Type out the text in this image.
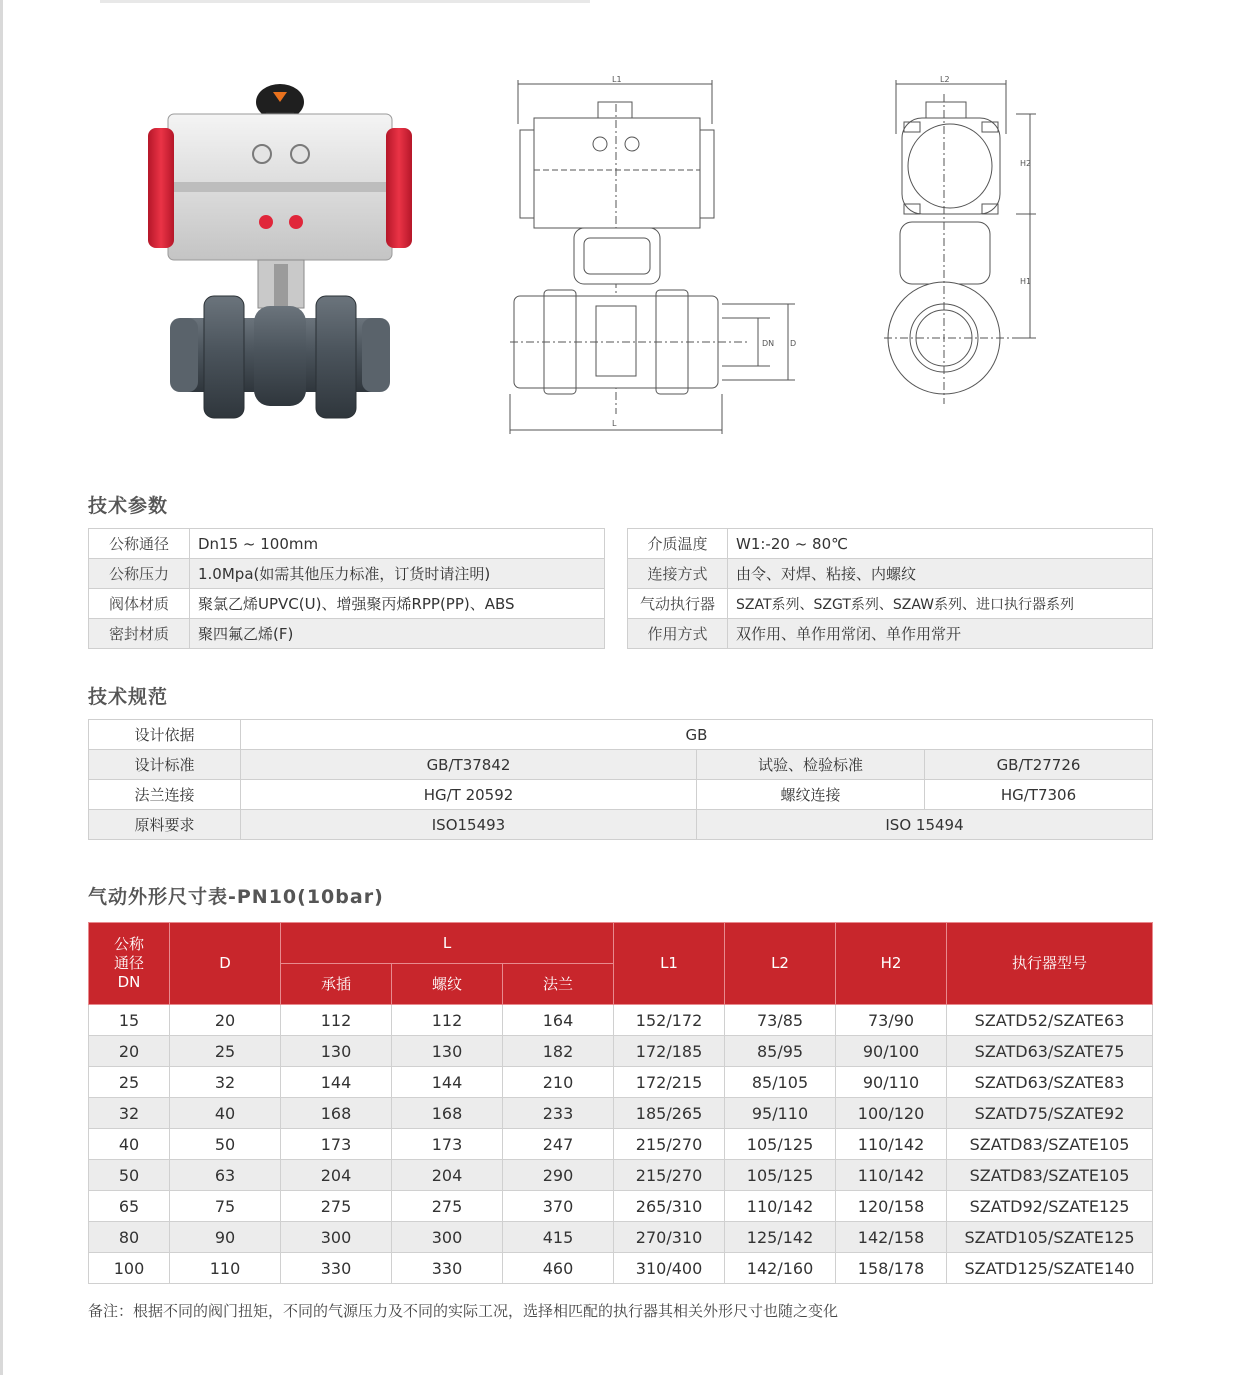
L1
DN D
L
L2
H2
H1
技术参数
公称通径	Dn15 ~ 100mm
公称压力	1.0Mpa(如需其他压力标准，订货时请注明)
阀体材质	聚氯乙烯UPVC(U)、增强聚丙烯RPP(PP)、ABS
密封材质	聚四氟乙烯(F)
介质温度	W1:-20 ~ 80℃
连接方式	由令、对焊、粘接、内螺纹
气动执行器	SZAT系列、SZGT系列、SZAW系列、进口执行器系列
作用方式	双作用、单作用常闭、单作用常开
技术规范
设计依据	GB		
设计标准	GB/T37842	试验、检验标准	GB/T27726
法兰连接	HG/T 20592	螺纹连接	HG/T7306
原料要求	ISO15493	ISO 15494	
气动外形尺寸表-PN10(10bar)
公称
通径
DN	D	L			L1	L2	H2	执行器型号
		承插	螺纹	法兰				
15	20	112	112	164	152/172	73/85	73/90	SZATD52/SZATE63
20	25	130	130	182	172/185	85/95	90/100	SZATD63/SZATE75
25	32	144	144	210	172/215	85/105	90/110	SZATD63/SZATE83
32	40	168	168	233	185/265	95/110	100/120	SZATD75/SZATE92
40	50	173	173	247	215/270	105/125	110/142	SZATD83/SZATE105
50	63	204	204	290	215/270	105/125	110/142	SZATD83/SZATE105
65	75	275	275	370	265/310	110/142	120/158	SZATD92/SZATE125
80	90	300	300	415	270/310	125/142	142/158	SZATD105/SZATE125
100	110	330	330	460	310/400	142/160	158/178	SZATD125/SZATE140
备注：根据不同的阀门扭矩，不同的气源压力及不同的实际工况，选择相匹配的执行器其相关外形尺寸也随之变化
